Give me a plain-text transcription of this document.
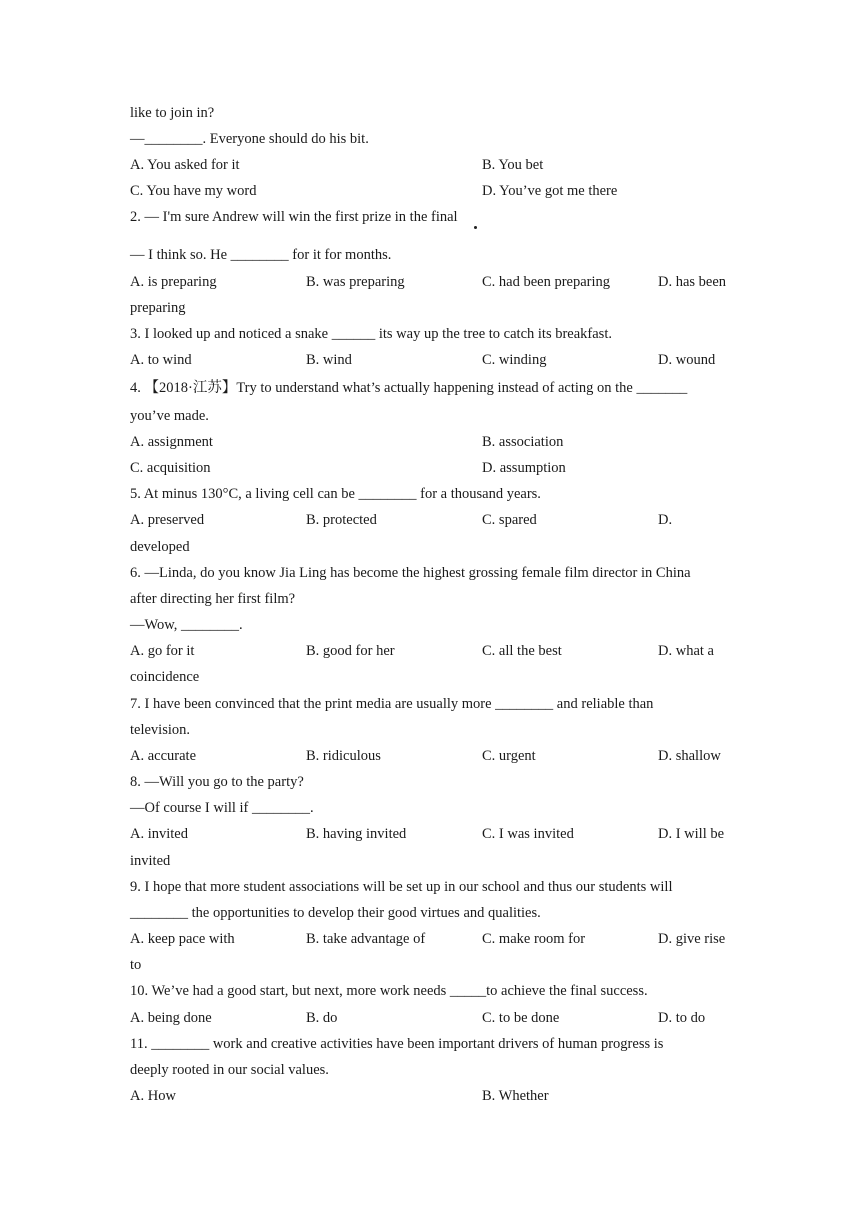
like to join in?
—________. Everyone should do his bit.
A. You asked for it	B. You bet
C. You have my word	D. You’ve got me there
2. — I'm sure Andrew will win the first prize in the final
— I think so. He ________ for it for months.
A. is preparing	B. was preparing	C. had been preparing	D. has been
preparing
3. I looked up and noticed a snake ______ its way up the tree to catch its breakfast.
A. to wind	B. wind	C. winding	D. wound
4. 【2018·江苏】Try to understand what’s actually happening instead of acting on the _______
you’ve made.
A. assignment	B. association
C. acquisition	D. assumption
5. At minus 130°C, a living cell can be ________ for a thousand years.
A. preserved	B. protected	C. spared	D.
developed
6. —Linda, do you know Jia Ling has become the highest grossing female film director in China
after directing her first film?
—Wow, ________.
A. go for it	B. good for her	C. all the best	D. what a
coincidence
7. I have been convinced that the print media are usually more ________ and reliable than
television.
A. accurate	B. ridiculous	C. urgent	D. shallow
8. —Will you go to the party?
—Of course I will if ________.
A. invited	B. having invited	C. I was invited	D. I will be
invited
9. I hope that more student associations will be set up in our school and thus our students will
________ the opportunities to develop their good virtues and qualities.
A. keep pace with	B. take advantage of	C. make room for	D. give rise
to
10. We’ve had a good start, but next, more work needs _____to achieve the final success.
A. being done	B. do	C. to be done	D. to do
11. ________ work and creative activities have been important drivers of human progress is
deeply rooted in our social values.
A. How	B. Whether
